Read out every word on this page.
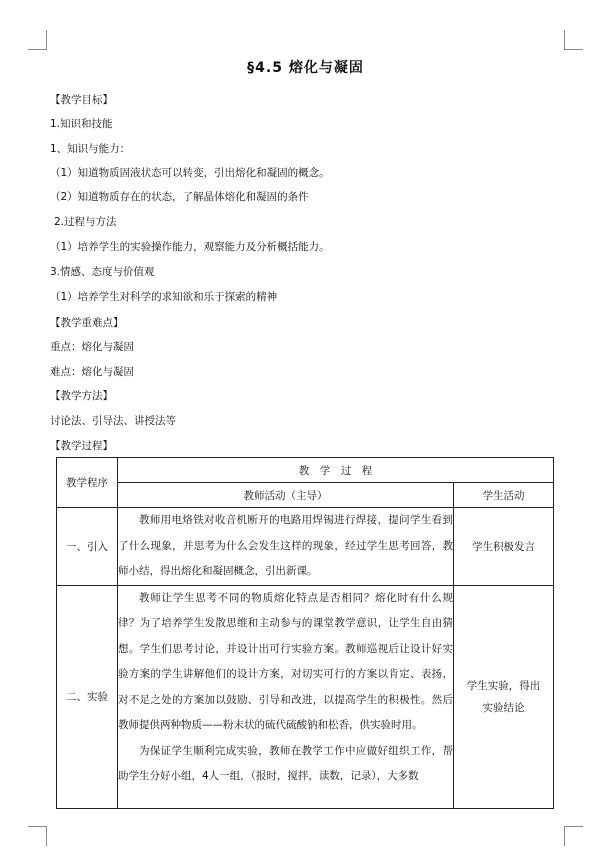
§4.5 熔化与凝固
【教学目标】
1.知识和技能
1、知识与能力：
（1）知道物质固液状态可以转变，引出熔化和凝固的概念。
（2）知道物质存在的状态，了解晶体熔化和凝固的条件
2.过程与方法
（1）培养学生的实验操作能力，观察能力及分析概括能力。
3.情感、态度与价值观
（1）培养学生对科学的求知欲和乐于探索的精神
【教学重难点】
重点：熔化与凝固
难点：熔化与凝固
【教学方法】
讨论法、引导法、讲授法等
【教学过程】
教学程序	教　学　过　程	
	教师活动（主导）	学生活动
一、引入	教师用电烙铁对收音机断开的电路用焊锡进行焊接，提问学生看到了什么现象，并思考为什么会发生这样的现象，经过学生思考回答，教师小结，得出熔化和凝固概念，引出新课。	学生积极发言
二、实验	教师让学生思考不同的物质熔化特点是否相同？熔化时有什么规律？为了培养学生发散思维和主动参与的课堂教学意识，让学生自由猜想。学生们思考讨论，并设计出可行实验方案。教师巡视后让设计好实验方案的学生讲解他们的设计方案，对切实可行的方案以肯定、表扬，对不足之处的方案加以鼓励、引导和改进，以提高学生的积极性。然后教师提供两种物质——粉末状的硫代硫酸钠和松香，供实验时用。

为保证学生顺利完成实验，教师在教学工作中应做好组织工作，帮助学生分好小组，4人一组，（报时，搅拌，读数，记录），大多数	学生实验，得出实验结论
